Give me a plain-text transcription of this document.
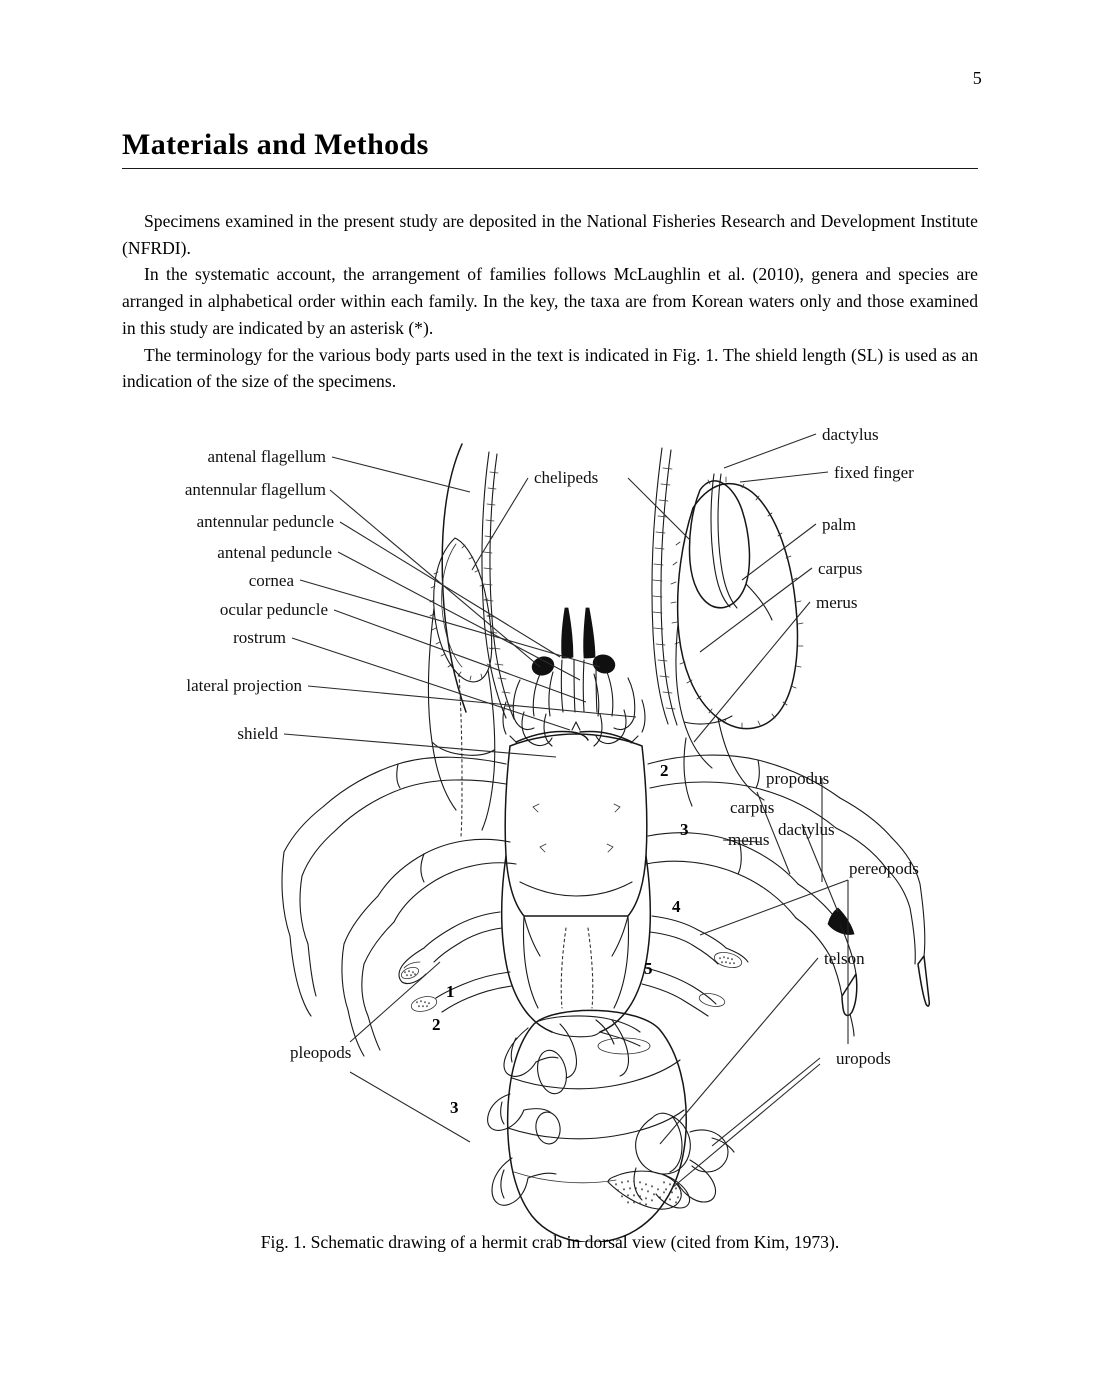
5
Materials and Methods

Specimens examined in the present study are deposited in the National Fisheries Research and Development Institute (NFRDI).

In the systematic account, the arrangement of families follows McLaughlin et al. (2010), genera and species are arranged in alphabetical order within each family. In the key, the taxa are from Korean waters only and those examined in this study are indicated by an asterisk (*).

The terminology for the various body parts used in the text is indicated in Fig. 1. The shield length (SL) is used as an indication of the size of the specimens.

antenal flagellum
antennular flagellum
antennular peduncle
antenal peduncle
cornea
ocular peduncle
rostrum
lateral projection
shield
chelipeds
dactylus
fixed finger
palm
carpus
merus
propodus
carpus
merus
dactylus
pereopods
telson
uropods
pleopods
2
3
4
5
1
2
3
Fig. 1. Schematic drawing of a hermit crab in dorsal view (cited from Kim, 1973).
